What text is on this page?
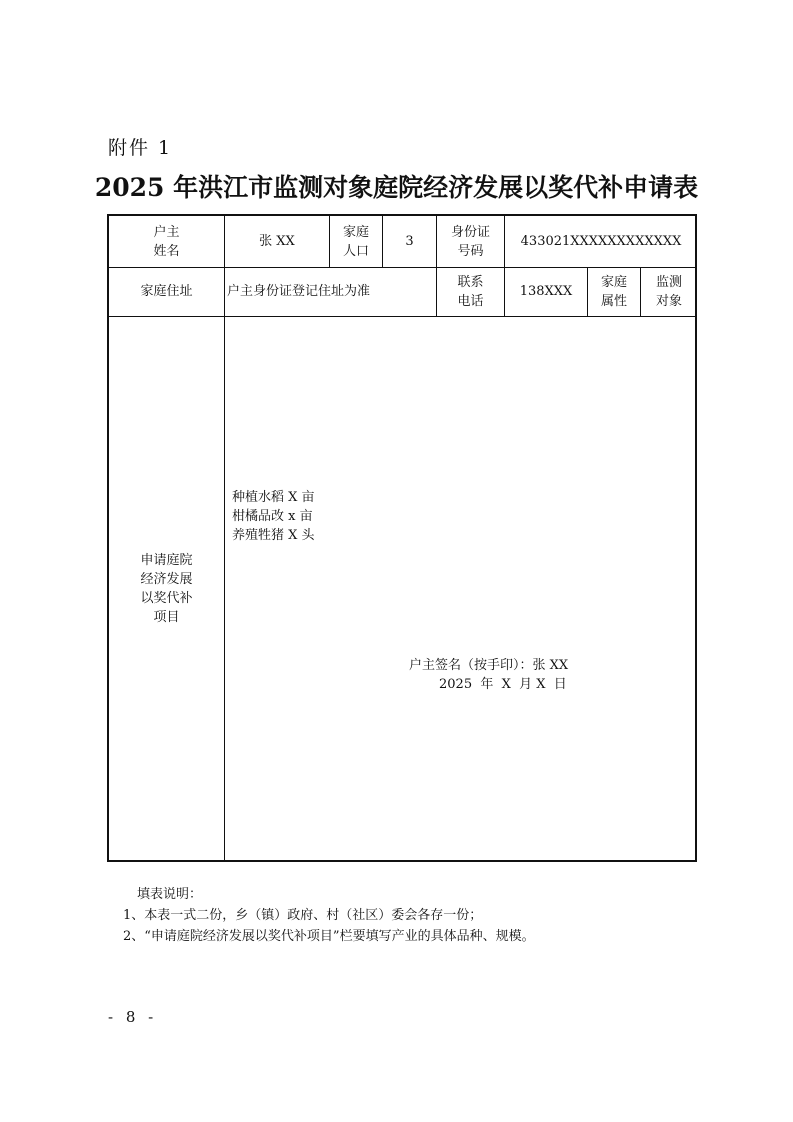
附件 1
2025 年洪江市监测对象庭院经济发展以奖代补申请表
户主
姓名
张 XX
家庭
人口
3
身份证
号码
433021XXXXXXXXXXXX
家庭住址	户主身份证登记住址为准
联系
电话
138XXX
家庭
属性
监测
对象
申请庭院
经济发展
以奖代补
项目
种植水稻 X 亩
柑橘品改 x 亩
养殖牲猪 X 头
户主签名（按手印）：张 XX
2025  年  X  月 X  日
填表说明：
1、本表一式二份，乡（镇）政府、村（社区）委会各存一份；
2、“申请庭院经济发展以奖代补项目”栏要填写产业的具体品种、规模。
- 8 -
